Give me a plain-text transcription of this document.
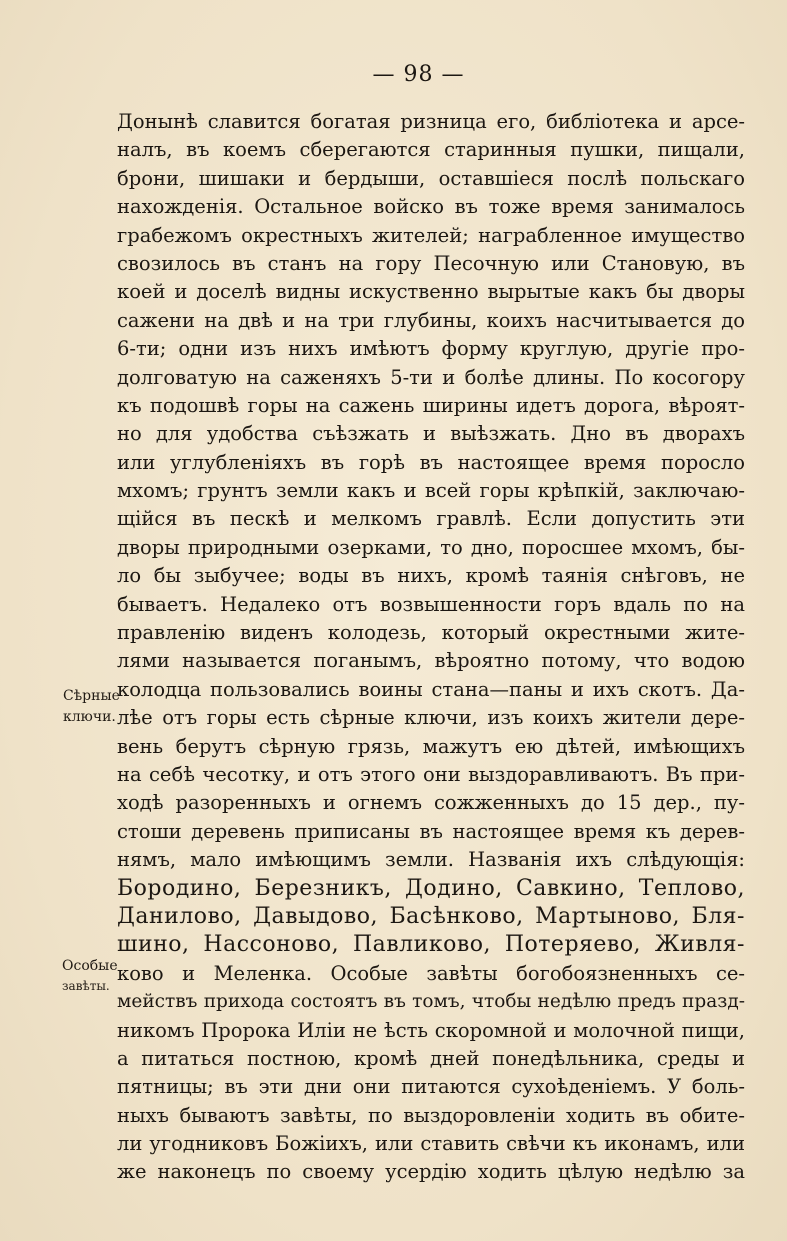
— 98 —
Донынѣ славится богатая ризница его, библіотека и арсе-
налъ, въ коемъ сберегаются старинныя пушки, пищали,
брони, шишаки и бердыши, оставшіеся послѣ польскаго
нахожденія. Остальное войско въ тоже время занималось
грабежомъ окрестныхъ жителей; награбленное имущество
свозилось въ станъ на гору Песочную или Становую, въ
коей и доселѣ видны искуственно вырытые какъ бы дворы
сажени на двѣ и на три глубины, коихъ насчитывается до
6-ти; одни изъ нихъ имѣютъ форму круглую, другіе про-
долговатую на саженяхъ 5-ти и болѣе длины. По косогору
къ подошвѣ горы на сажень ширины идетъ дорога, вѣроят-
но для удобства съѣзжать и выѣзжать. Дно въ дворахъ
или углубленіяхъ въ горѣ въ настоящее время поросло
мхомъ; грунтъ земли какъ и всей горы крѣпкій, заключаю-
щійся въ пескѣ и мелкомъ гравлѣ. Если допустить эти
дворы природными озерками, то дно, поросшее мхомъ, бы-
ло бы зыбучее; воды въ нихъ, кромѣ таянія снѣговъ, не
бываетъ. Недалеко отъ возвышенности горъ вдаль по на
правленію виденъ колодезь, который окрестными жите-
лями называется поганымъ, вѣроятно потому, что водою
колодца пользовались воины стана—паны и ихъ скотъ. Да-
лѣе отъ горы есть сѣрные ключи, изъ коихъ жители дере-
вень берутъ сѣрную грязь, мажутъ ею дѣтей, имѣющихъ
на себѣ чесотку, и отъ этого они выздоравливаютъ. Въ при-
ходѣ разоренныхъ и огнемъ сожженныхъ до 15 дер., пу-
стоши деревень приписаны въ настоящее время къ дерев-
нямъ, мало имѣющимъ земли. Названія ихъ слѣдующія:
Бородино, Березникъ, Додино, Савкино, Теплово,
Даниловo, Давыдово, Басѣнково, Мартыново, Бля-
шино, Нассоново, Павликово, Потеряево, Живля-
ково и Меленка. Особые завѣты богобоязненныхъ се-
мействъ прихода состоятъ въ томъ, чтобы недѣлю предъ празд-
никомъ Пророка Иліи не ѣсть скоромной и молочной пищи,
а питаться постною, кромѣ дней понедѣльника, среды и
пятницы; въ эти дни они питаются сухоѣденіемъ. У боль-
ныхъ бываютъ завѣты, по выздоровленіи ходить въ обите-
ли угодниковъ Божіихъ, или ставить свѣчи къ иконамъ, или
же наконецъ по своему усердію ходить цѣлую недѣлю за
Сѣрные
ключи.
Особые
завѣты.
